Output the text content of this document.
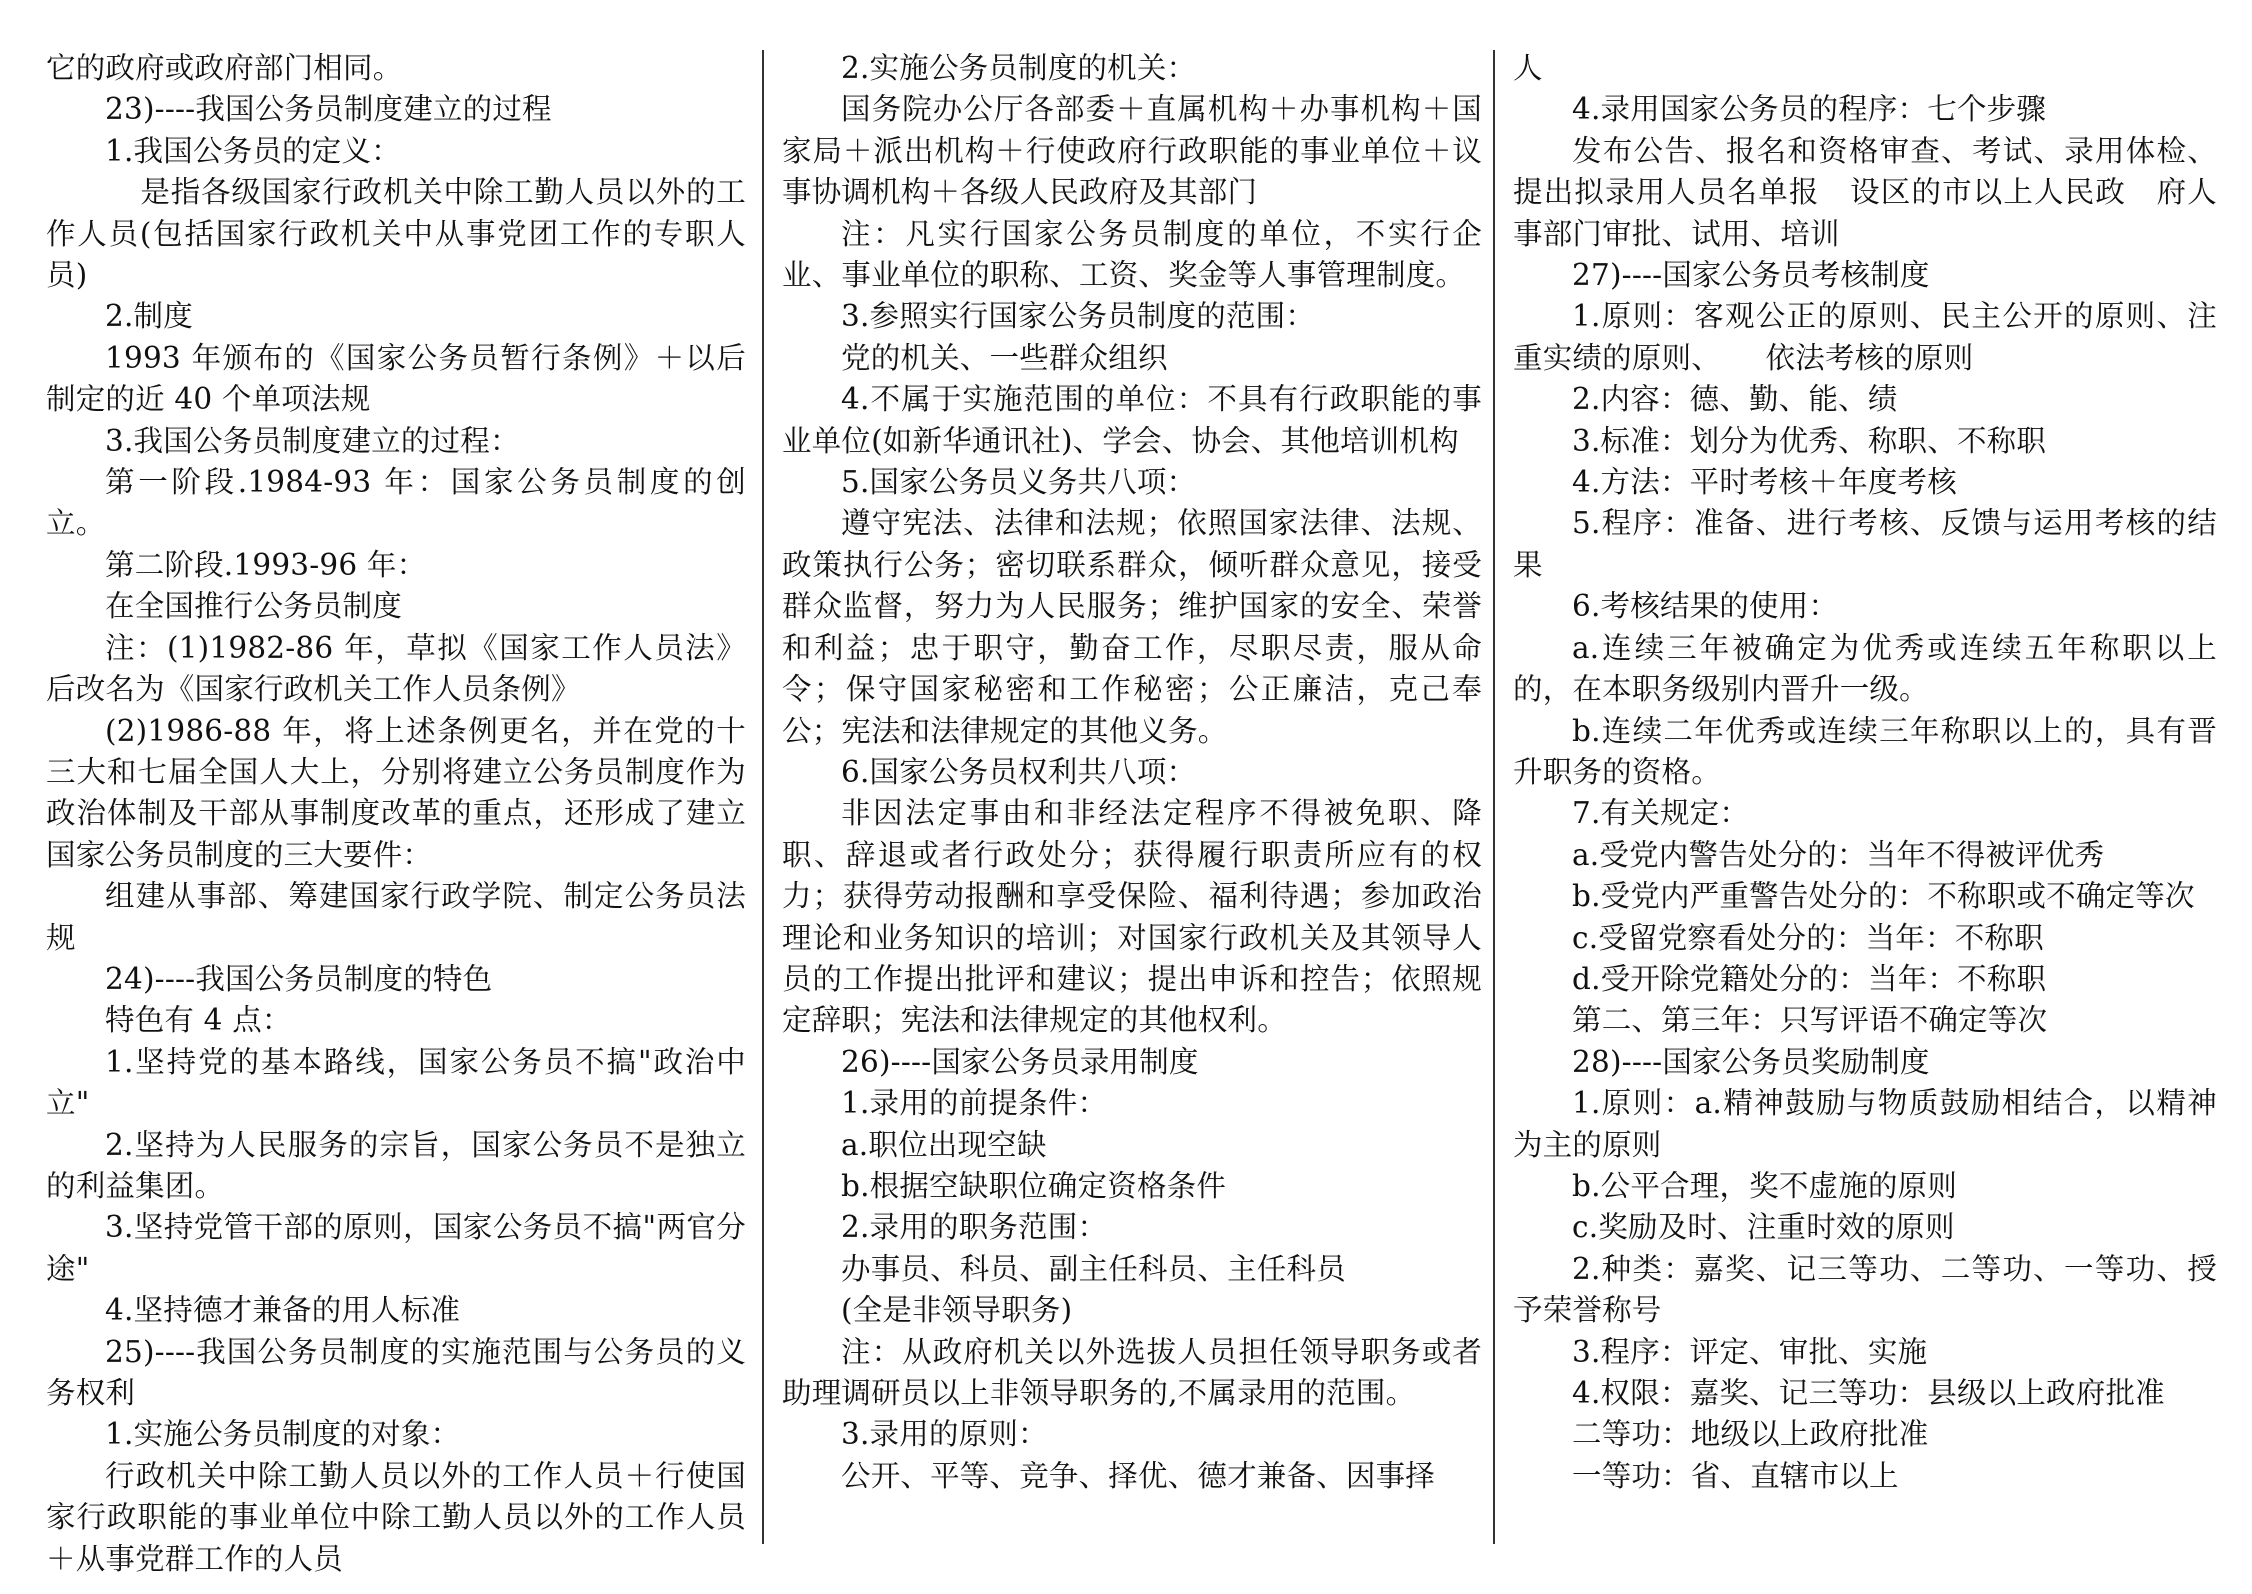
它的政府或政府部门相同。

23)----我国公务员制度建立的过程

1.我国公务员的定义：

是指各级国家行政机关中除工勤人员以外的工作人员(包括国家行政机关中从事党团工作的专职人员)

2.制度

1993 年颁布的《国家公务员暂行条例》＋以后制定的近 40 个单项法规

3.我国公务员制度建立的过程：

第一阶段.1984-93 年：国家公务员制度的创立。

第二阶段.1993-96 年：

在全国推行公务员制度

注：(1)1982-86 年，草拟《国家工作人员法》后改名为《国家行政机关工作人员条例》

(2)1986-88 年，将上述条例更名，并在党的十三大和七届全国人大上，分别将建立公务员制度作为政治体制及干部从事制度改革的重点，还形成了建立国家公务员制度的三大要件：

组建从事部、筹建国家行政学院、制定公务员法规

24)----我国公务员制度的特色

特色有 4 点：

1.坚持党的基本路线，国家公务员不搞"政治中立"

2.坚持为人民服务的宗旨，国家公务员不是独立的利益集团。

3.坚持党管干部的原则，国家公务员不搞"两官分途"

4.坚持德才兼备的用人标准

25)----我国公务员制度的实施范围与公务员的义务权利

1.实施公务员制度的对象：

行政机关中除工勤人员以外的工作人员＋行使国家行政职能的事业单位中除工勤人员以外的工作人员＋从事党群工作的人员

2.实施公务员制度的机关：

国务院办公厅各部委＋直属机构＋办事机构＋国家局＋派出机构＋行使政府行政职能的事业单位＋议事协调机构＋各级人民政府及其部门

注：凡实行国家公务员制度的单位，不实行企业、事业单位的职称、工资、奖金等人事管理制度。

3.参照实行国家公务员制度的范围：

党的机关、一些群众组织

4.不属于实施范围的单位：不具有行政职能的事业单位(如新华通讯社)、学会、协会、其他培训机构

5.国家公务员义务共八项：

遵守宪法、法律和法规；依照国家法律、法规、政策执行公务；密切联系群众，倾听群众意见，接受群众监督，努力为人民服务；维护国家的安全、荣誉和利益；忠于职守，勤奋工作，尽职尽责，服从命令；保守国家秘密和工作秘密；公正廉洁，克己奉公；宪法和法律规定的其他义务。

6.国家公务员权利共八项：

非因法定事由和非经法定程序不得被免职、降职、辞退或者行政处分；获得履行职责所应有的权力；获得劳动报酬和享受保险、福利待遇；参加政治理论和业务知识的培训；对国家行政机关及其领导人员的工作提出批评和建议；提出申诉和控告；依照规定辞职；宪法和法律规定的其他权利。

26)----国家公务员录用制度

1.录用的前提条件：

a.职位出现空缺

b.根据空缺职位确定资格条件

2.录用的职务范围：

办事员、科员、副主任科员、主任科员

(全是非领导职务)

注：从政府机关以外选拔人员担任领导职务或者助理调研员以上非领导职务的,不属录用的范围。

3.录用的原则：

公开、平等、竞争、择优、德才兼备、因事择

人

4.录用国家公务员的程序：七个步骤

发布公告、报名和资格审查、考试、录用体检、提出拟录用人员名单报　设区的市以上人民政　府人事部门审批、试用、培训

27)----国家公务员考核制度

1.原则：客观公正的原则、民主公开的原则、注重实绩的原则、　　依法考核的原则

2.内容：德、勤、能、绩

3.标准：划分为优秀、称职、不称职

4.方法：平时考核＋年度考核

5.程序：准备、进行考核、反馈与运用考核的结果

6.考核结果的使用：

a.连续三年被确定为优秀或连续五年称职以上的，在本职务级别内晋升一级。

b.连续二年优秀或连续三年称职以上的，具有晋升职务的资格。

7.有关规定：

a.受党内警告处分的：当年不得被评优秀

b.受党内严重警告处分的：不称职或不确定等次

c.受留党察看处分的：当年：不称职

d.受开除党籍处分的：当年：不称职

第二、第三年：只写评语不确定等次

28)----国家公务员奖励制度

1.原则：a.精神鼓励与物质鼓励相结合，以精神为主的原则

b.公平合理，奖不虚施的原则

c.奖励及时、注重时效的原则

2.种类：嘉奖、记三等功、二等功、一等功、授予荣誉称号

3.程序：评定、审批、实施

4.权限：嘉奖、记三等功：县级以上政府批准

二等功：地级以上政府批准

一等功：省、直辖市以上
